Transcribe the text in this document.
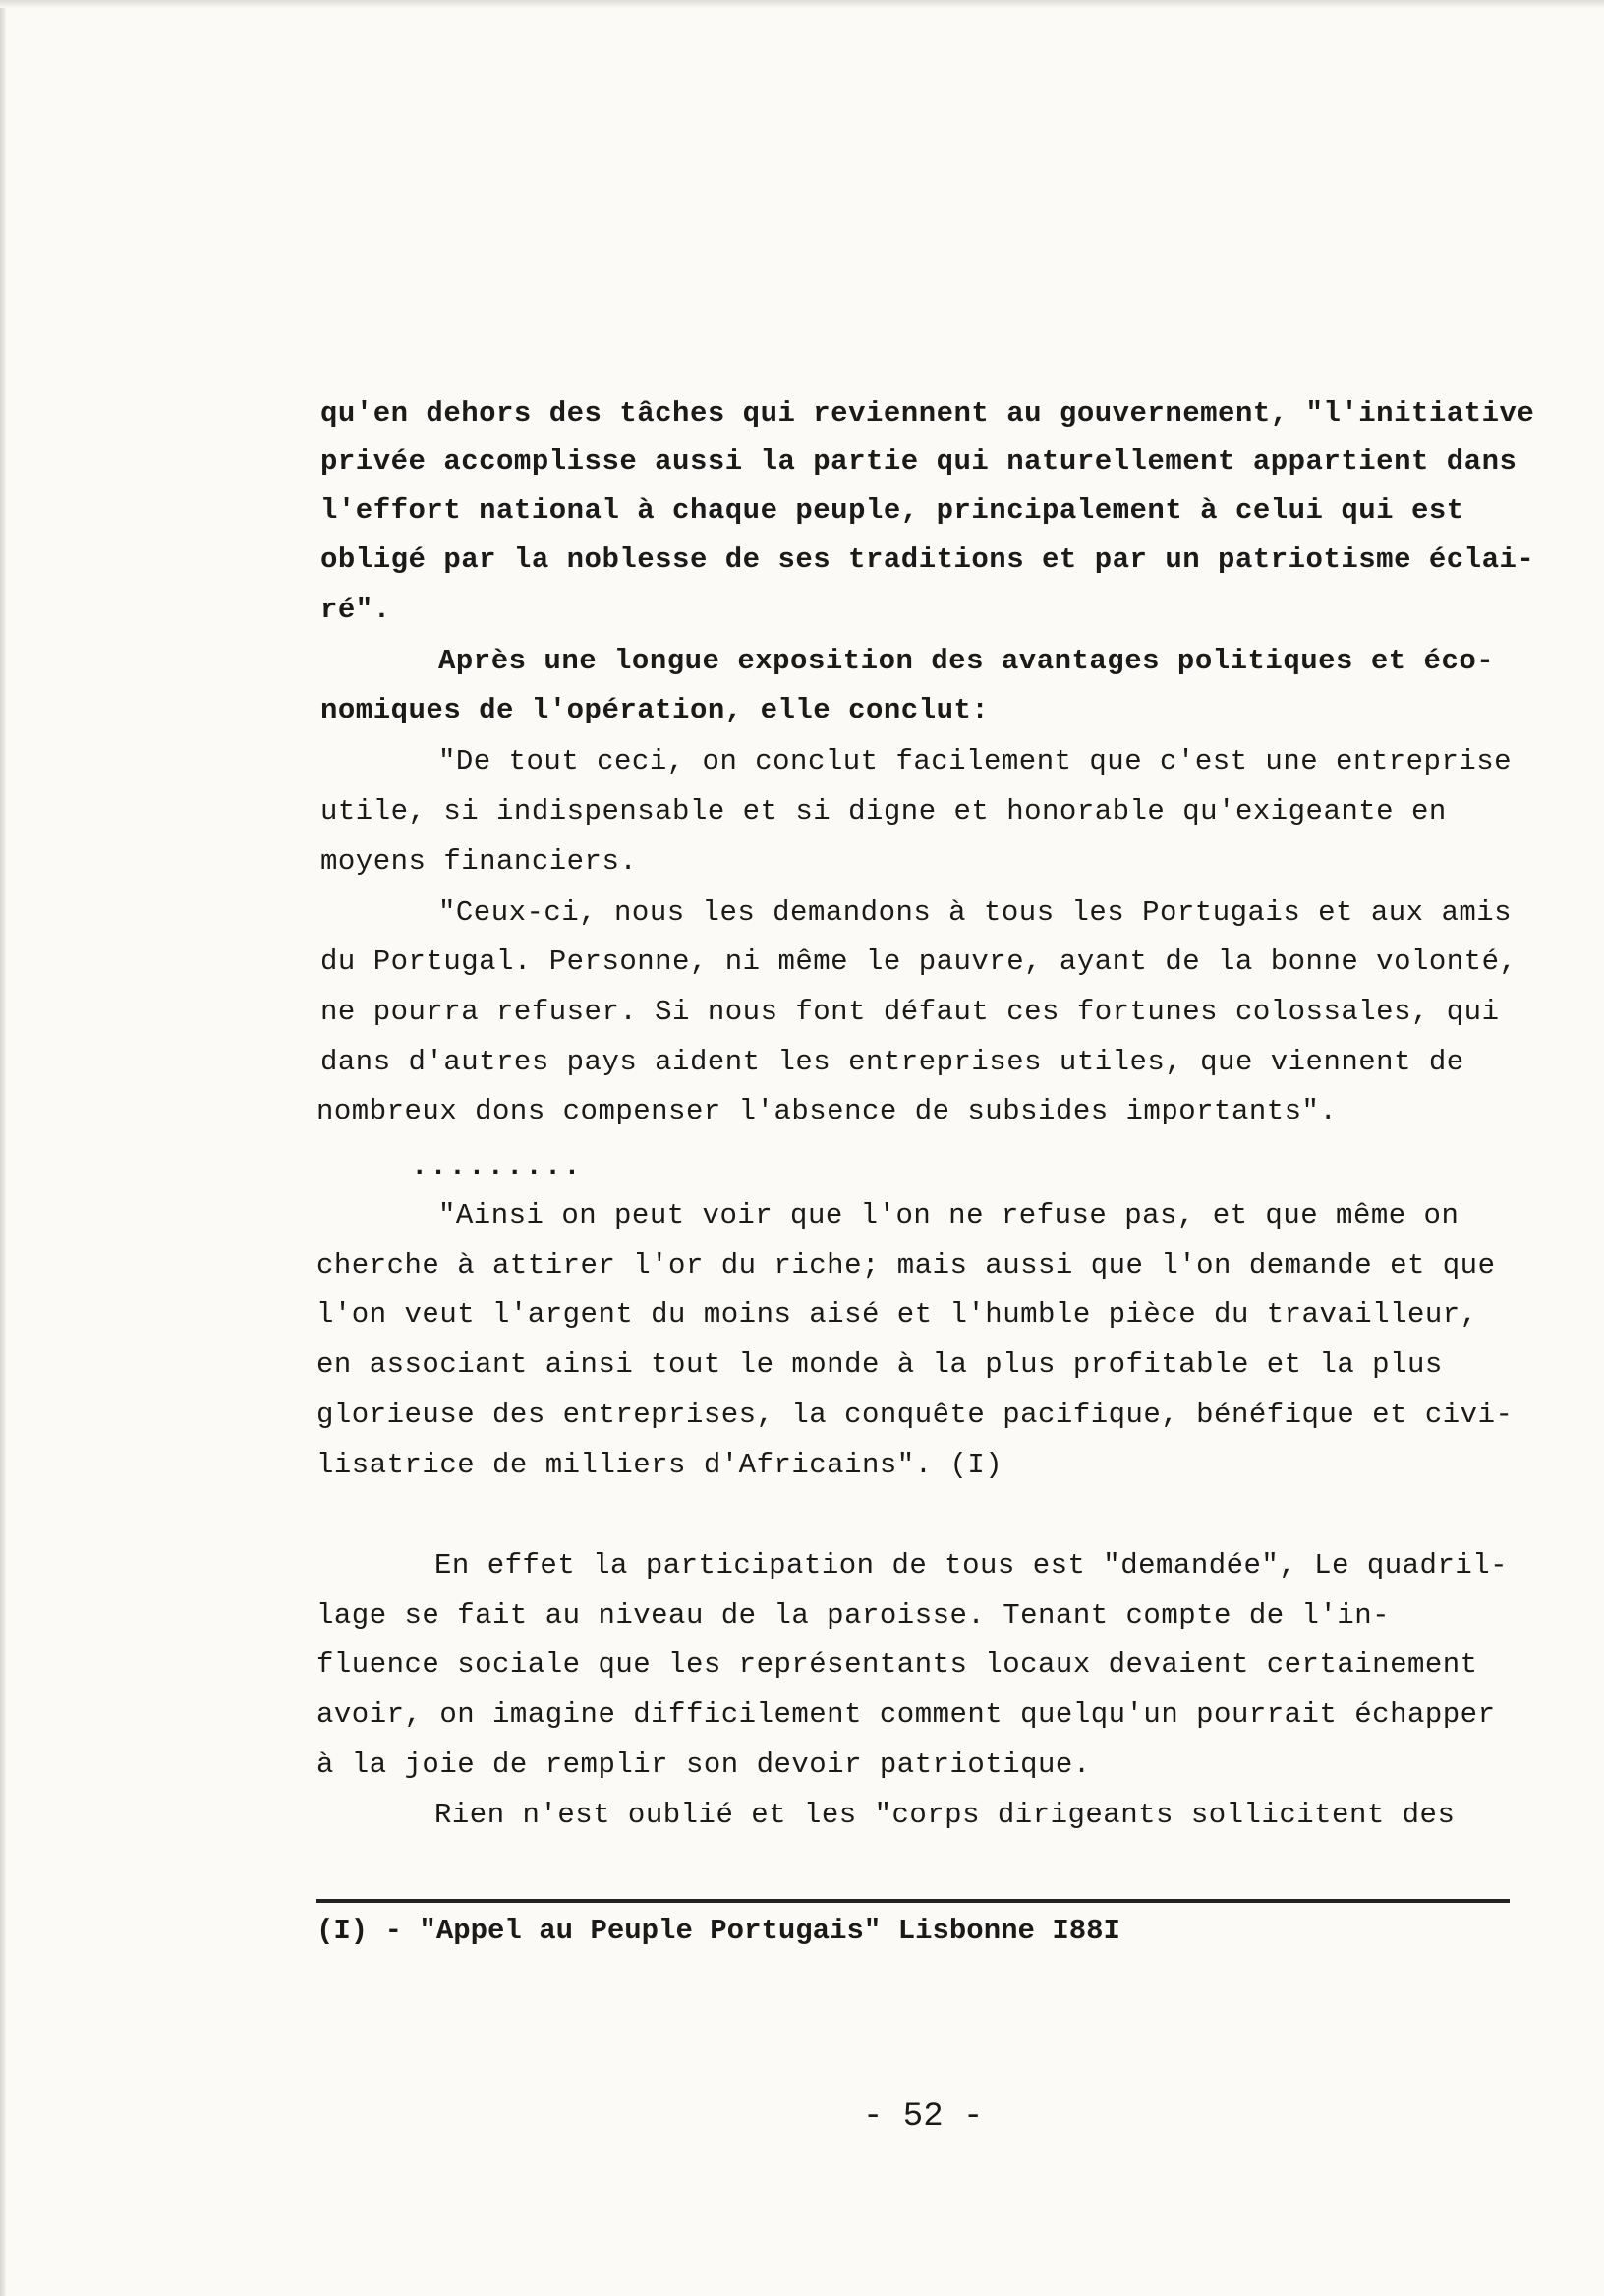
qu'en dehors des tâches qui reviennent au gouvernement, "l'initiative
privée accomplisse aussi la partie qui naturellement appartient dans
l'effort national à chaque peuple, principalement à celui qui est
obligé par la noblesse de ses traditions et par un patriotisme éclai-
ré".
Après une longue exposition des avantages politiques et éco-
nomiques de l'opération, elle conclut:
"De tout ceci, on conclut facilement que c'est une entreprise
utile, si indispensable et si digne et honorable qu'exigeante en
moyens financiers.
"Ceux-ci, nous les demandons à tous les Portugais et aux amis
du Portugal. Personne, ni même le pauvre, ayant de la bonne volonté,
ne pourra refuser. Si nous font défaut ces fortunes colossales, qui
dans d'autres pays aident les entreprises utiles, que viennent de
nombreux dons compenser l'absence de subsides importants".
.........
"Ainsi on peut voir que l'on ne refuse pas, et que même on
cherche à attirer l'or du riche; mais aussi que l'on demande et que
l'on veut l'argent du moins aisé et l'humble pièce du travailleur,
en associant ainsi tout le monde à la plus profitable et la plus
glorieuse des entreprises, la conquête pacifique, bénéfique et civi-
lisatrice de milliers d'Africains". (I)
En effet la participation de tous est "demandée", Le quadril-
lage se fait au niveau de la paroisse. Tenant compte de l'in-
fluence sociale que les représentants locaux devaient certainement
avoir, on imagine difficilement comment quelqu'un pourrait échapper
à la joie de remplir son devoir patriotique.
Rien n'est oublié et les "corps dirigeants sollicitent des
(I) - "Appel au Peuple Portugais" Lisbonne I88I
- 52 -
